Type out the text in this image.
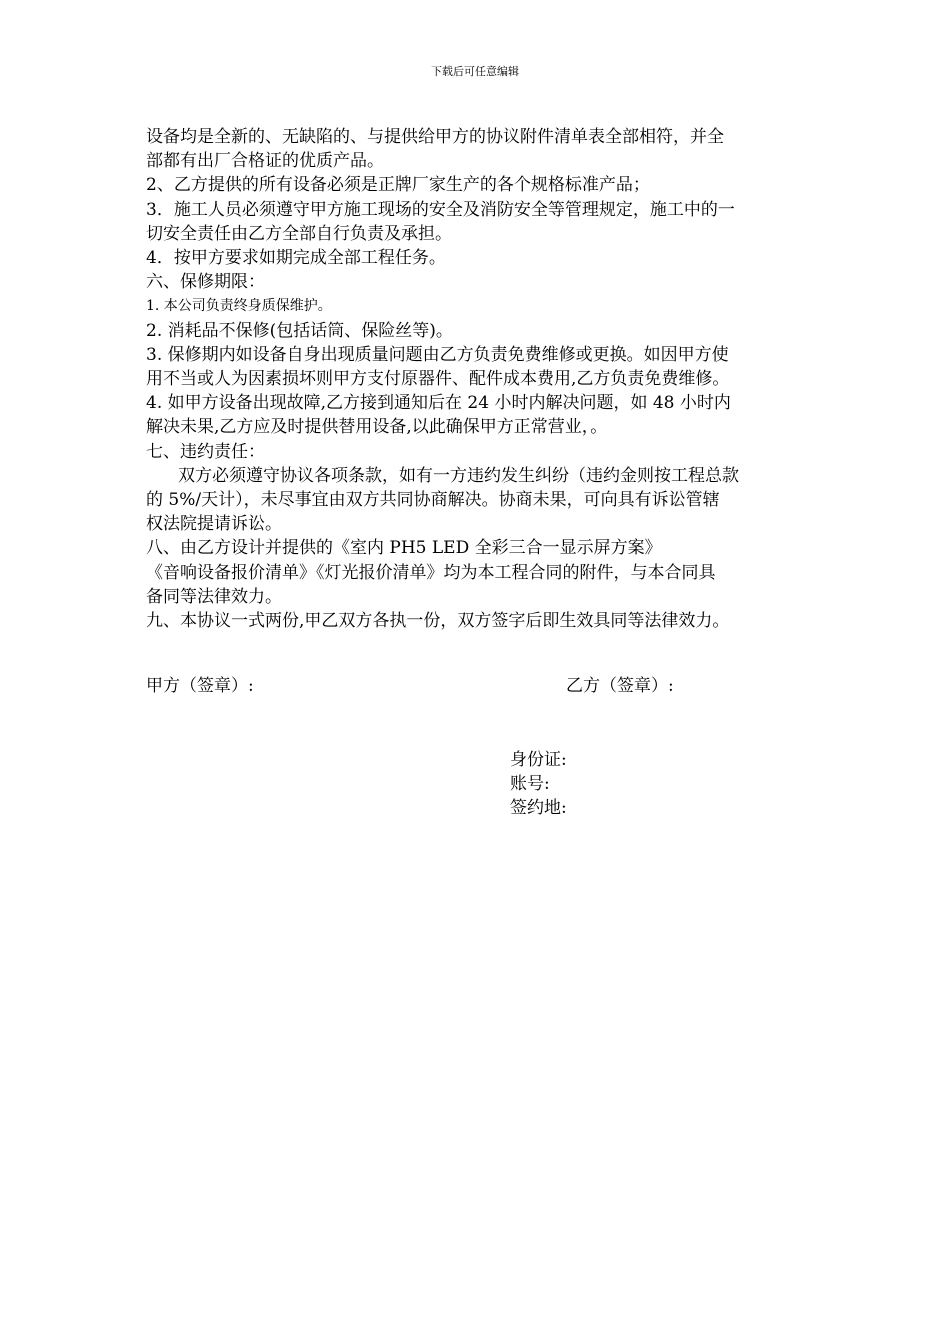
下载后可任意编辑
设备均是全新的、无缺陷的、与提供给甲方的协议附件清单表全部相符，并全
部都有出厂合格证的优质产品。
2、乙方提供的所有设备必须是正牌厂家生产的各个规格标准产品；
3．施工人员必须遵守甲方施工现场的安全及消防安全等管理规定，施工中的一
切安全责任由乙方全部自行负责及承担。
4．按甲方要求如期完成全部工程任务。
六、保修期限：
1. 本公司负责终身质保维护。
2. 消耗品不保修(包括话筒、保险丝等)。
3. 保修期内如设备自身出现质量问题由乙方负责免费维修或更换。如因甲方使
用不当或人为因素损坏则甲方支付原器件、配件成本费用,乙方负责免费维修。
4. 如甲方设备出现故障,乙方接到通知后在 24 小时内解决问题，如 48 小时内
解决未果,乙方应及时提供替用设备,以此确保甲方正常营业，。
七、违约责任：
双方必须遵守协议各项条款，如有一方违约发生纠纷（违约金则按工程总款
的 5%/天计），未尽事宜由双方共同协商解决。协商未果，可向具有诉讼管辖
权法院提请诉讼。
八、由乙方设计并提供的《室内 PH5 LED 全彩三合一显示屏方案》
《音响设备报价清单》《灯光报价清单》均为本工程合同的附件，与本合同具
备同等法律效力。
九、本协议一式两份,甲乙双方各执一份，双方签字后即生效具同等法律效力。
甲方（签章）:	乙方（签章）:
身份证:
账号:
签约地:
